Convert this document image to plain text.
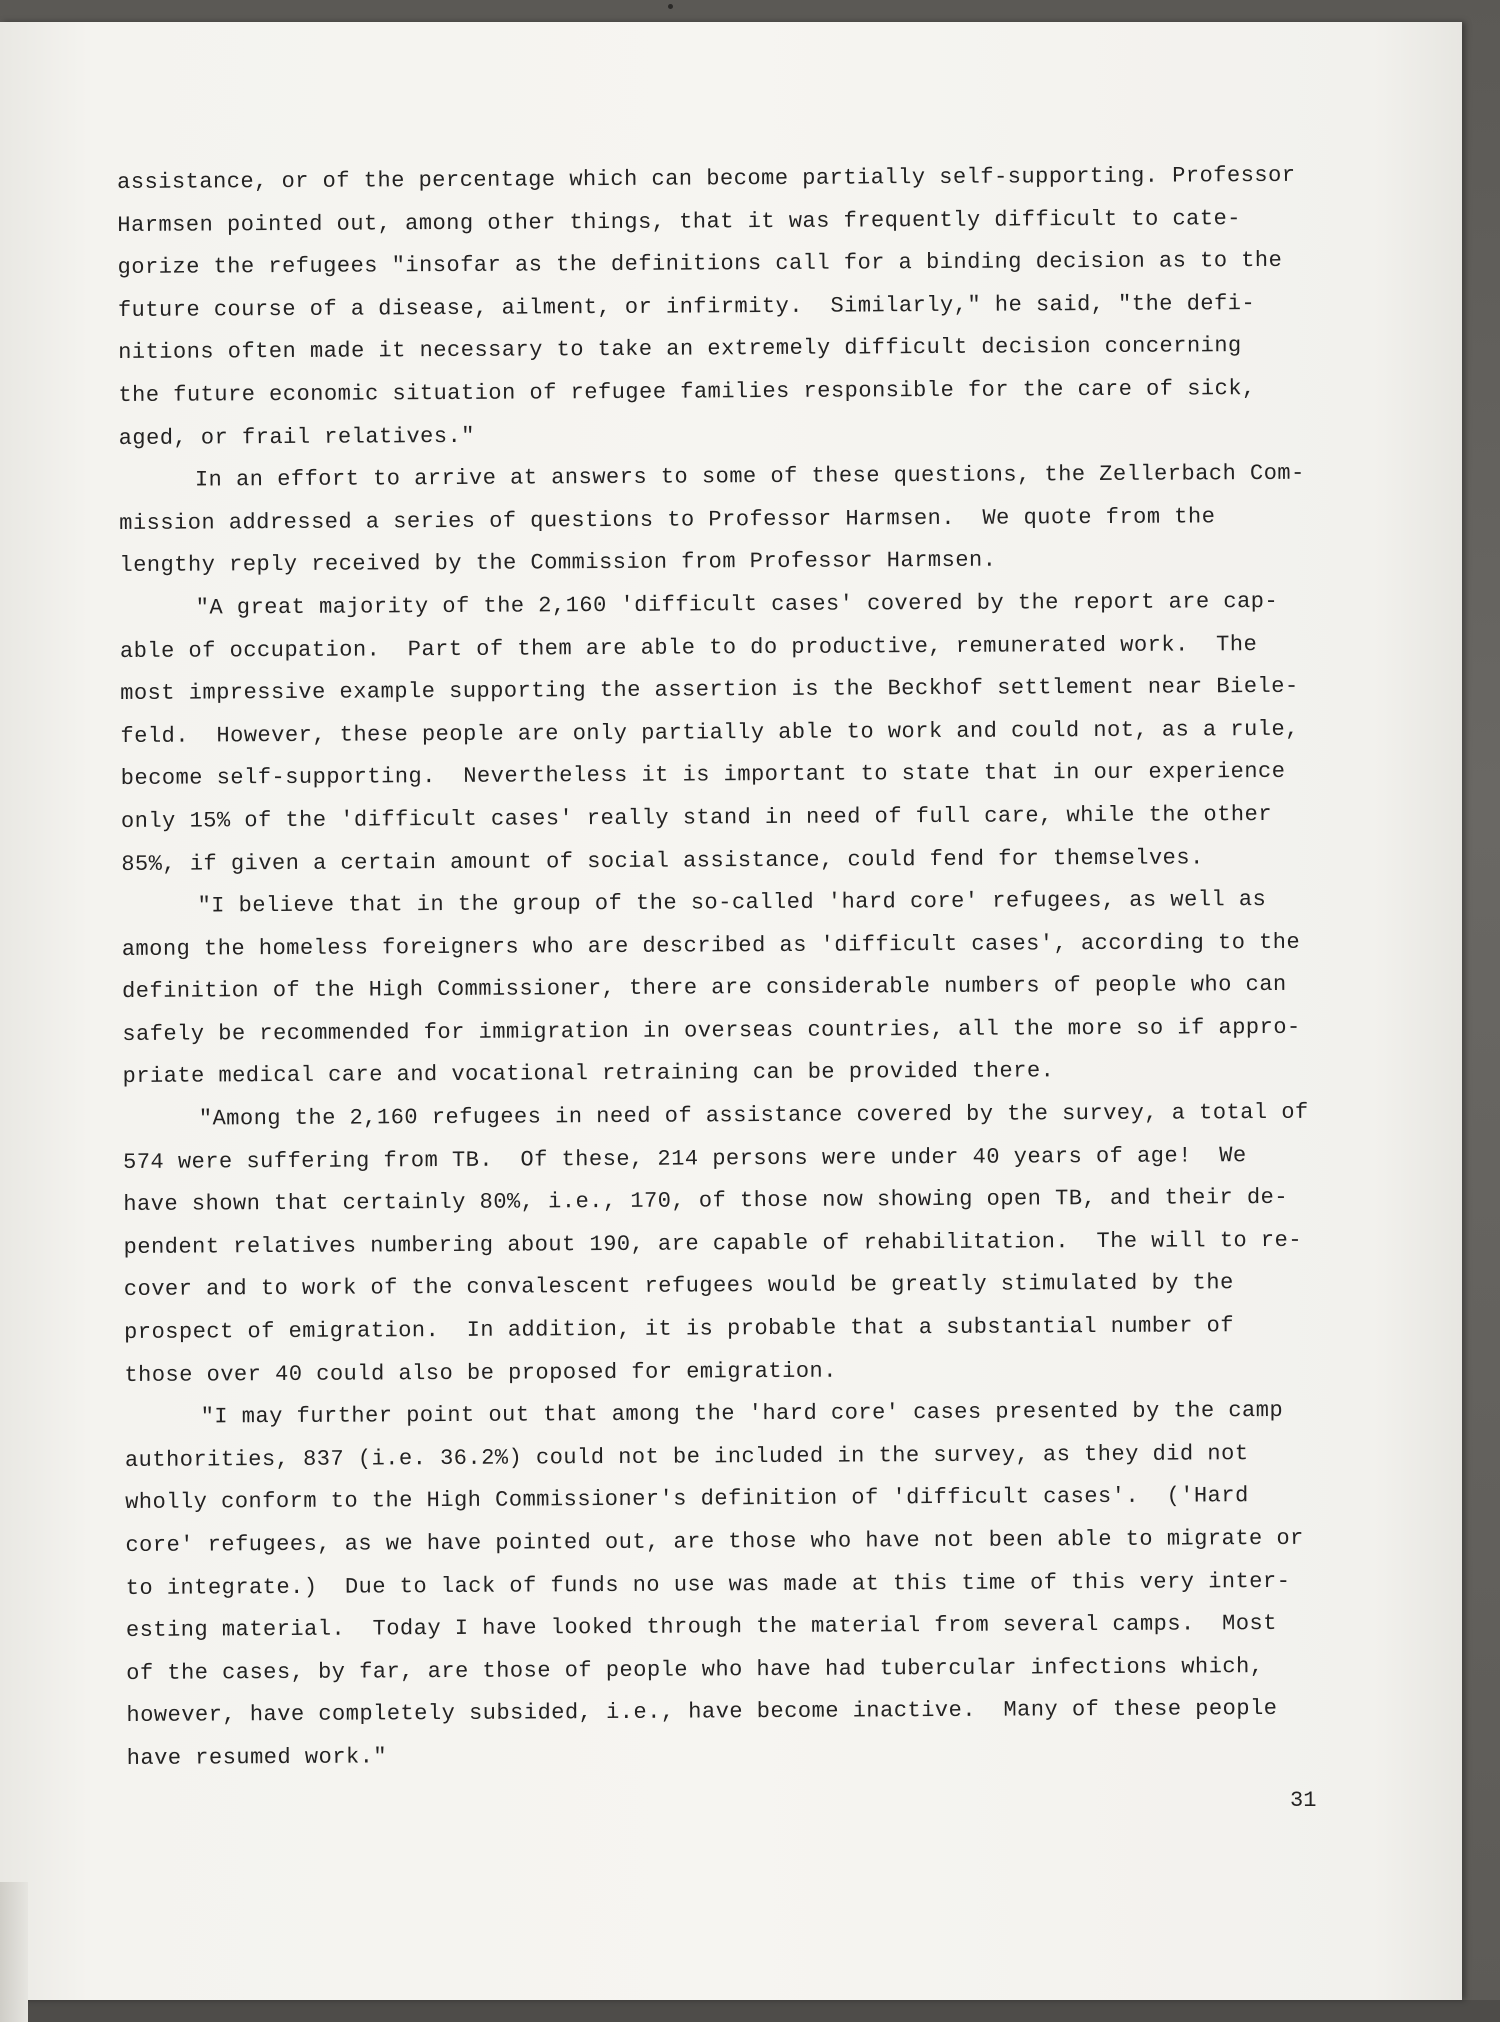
assistance, or of the percentage which can become partially self-supporting. Professor
Harmsen pointed out, among other things, that it was frequently difficult to cate-
gorize the refugees "insofar as the definitions call for a binding decision as to the
future course of a disease, ailment, or infirmity.  Similarly," he said, "the defi-
nitions often made it necessary to take an extremely difficult decision concerning
the future economic situation of refugee families responsible for the care of sick,
aged, or frail relatives."
In an effort to arrive at answers to some of these questions, the Zellerbach Com-
mission addressed a series of questions to Professor Harmsen.  We quote from the
lengthy reply received by the Commission from Professor Harmsen.
"A great majority of the 2,160 'difficult cases' covered by the report are cap-
able of occupation.  Part of them are able to do productive, remunerated work.  The
most impressive example supporting the assertion is the Beckhof settlement near Biele-
feld.  However, these people are only partially able to work and could not, as a rule,
become self-supporting.  Nevertheless it is important to state that in our experience
only 15% of the 'difficult cases' really stand in need of full care, while the other
85%, if given a certain amount of social assistance, could fend for themselves.
"I believe that in the group of the so-called 'hard core' refugees, as well as
among the homeless foreigners who are described as 'difficult cases', according to the
definition of the High Commissioner, there are considerable numbers of people who can
safely be recommended for immigration in overseas countries, all the more so if appro-
priate medical care and vocational retraining can be provided there.
"Among the 2,160 refugees in need of assistance covered by the survey, a total of
574 were suffering from TB.  Of these, 214 persons were under 40 years of age!  We
have shown that certainly 80%, i.e., 170, of those now showing open TB, and their de-
pendent relatives numbering about 190, are capable of rehabilitation.  The will to re-
cover and to work of the convalescent refugees would be greatly stimulated by the
prospect of emigration.  In addition, it is probable that a substantial number of
those over 40 could also be proposed for emigration.
"I may further point out that among the 'hard core' cases presented by the camp
authorities, 837 (i.e. 36.2%) could not be included in the survey, as they did not
wholly conform to the High Commissioner's definition of 'difficult cases'.  ('Hard
core' refugees, as we have pointed out, are those who have not been able to migrate or
to integrate.)  Due to lack of funds no use was made at this time of this very inter-
esting material.  Today I have looked through the material from several camps.  Most
of the cases, by far, are those of people who have had tubercular infections which,
however, have completely subsided, i.e., have become inactive.  Many of these people
have resumed work."
31
